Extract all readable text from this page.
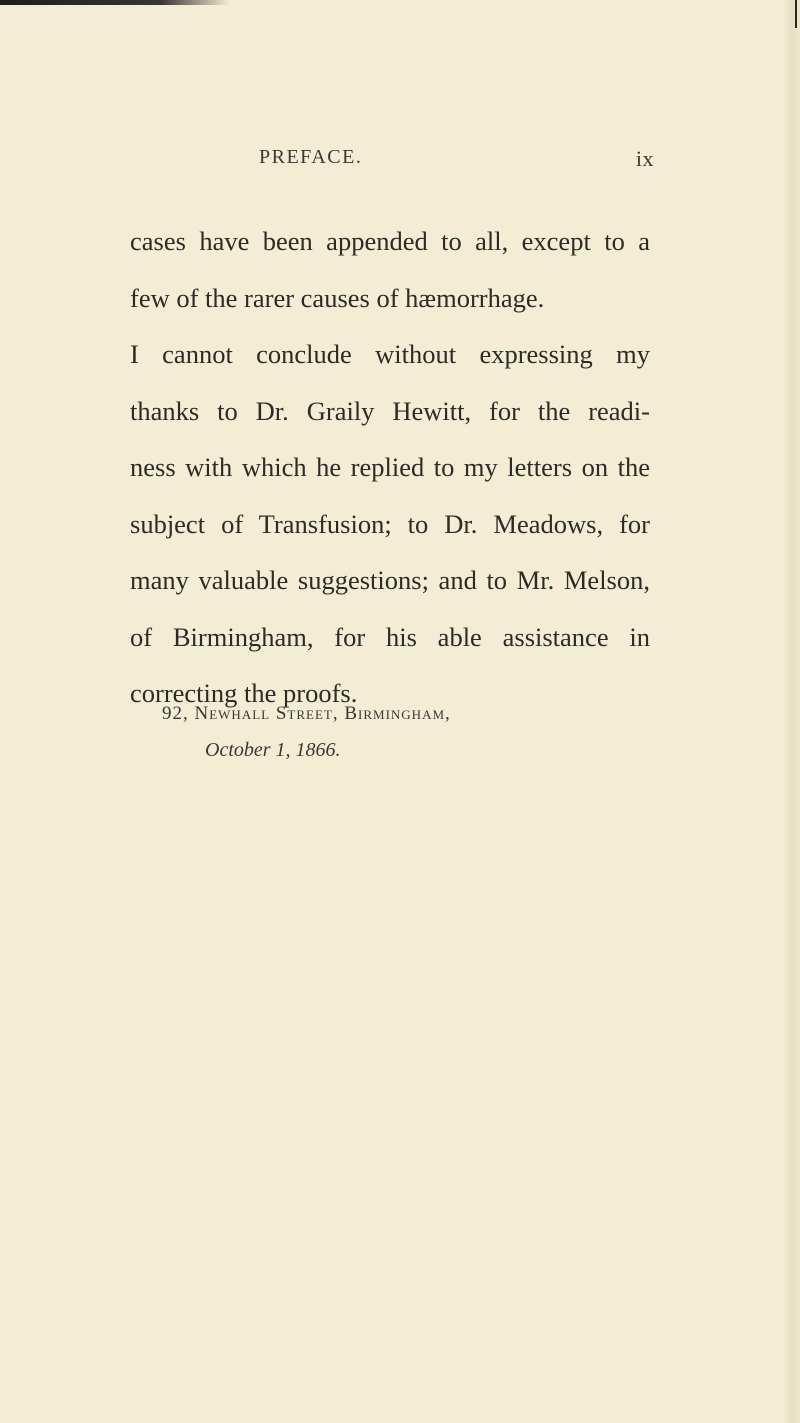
PREFACE.	ix
cases have been appended to all, except to a
few of the rarer causes of hæmorrhage.
I cannot conclude without expressing my
thanks to Dr. Graily Hewitt, for the readi-
ness with which he replied to my letters on the
subject of Transfusion; to Dr. Meadows, for
many valuable suggestions; and to Mr. Melson,
of Birmingham, for his able assistance in
correcting the proofs.
92, Newhall Street, Birmingham,
October 1, 1866.
